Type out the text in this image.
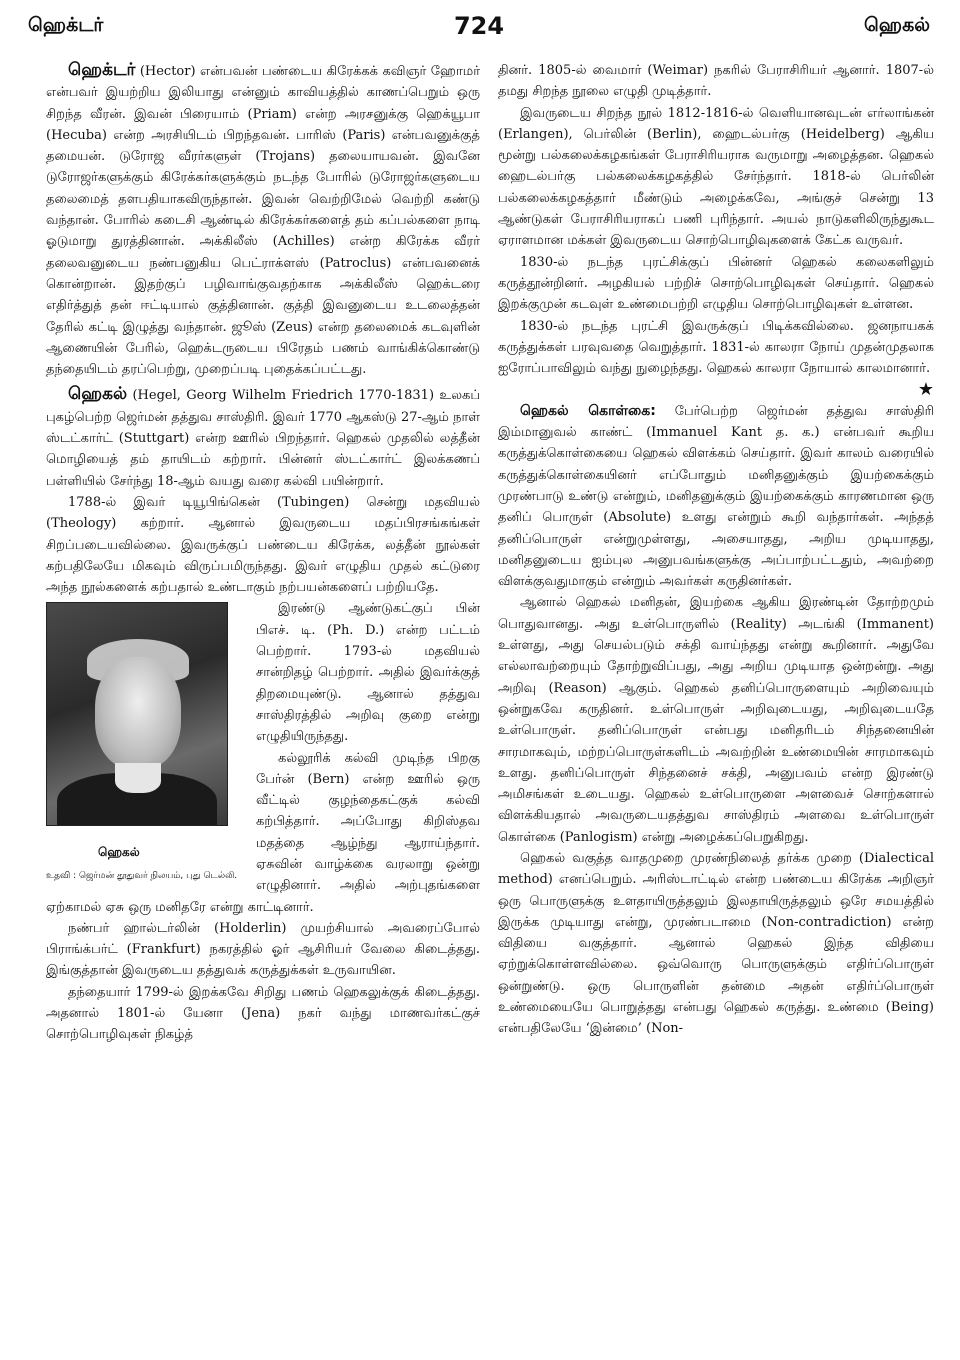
ஹெக்டர்	724	ஹெகல்

ஹெக்டர் (Hector) என்பவன் பண்டைய கிரேக்கக் கவிஞர் ஹோமர் என்பவர் இயற்றிய இலியாது என்னும் காவியத்தில் காணப்பெறும் ஒரு சிறந்த வீரன். இவன் பிரையாம் (Priam) என்ற அரசனுக்கு ஹெக்யூபா (Hecuba) என்ற அரசியிடம் பிறந்தவன். பாரிஸ் (Paris) என்பவனுக்குத் தமையன். டுரோஜ வீரர்களுள் (Trojans) தலையாயவன். இவனே டுரோஜர்களுக்கும் கிரேக்கர்களுக்கும் நடந்த போரில் டுரோஜர்களுடைய தலைமைத் தளபதியாகவிருந்தான். இவன் வெற்றிமேல் வெற்றி கண்டு வந்தான். போரில் கடைசி ஆண்டில் கிரேக்கர்களைத் தம் கப்பல்களை நாடி ஓடுமாறு துரத்தினான். அக்கிலீஸ் (Achilles) என்ற கிரேக்க வீரர் தலைவனுடைய நண்பனுகிய பெட்ராக்ளஸ் (Patroclus) என்பவனைக் கொன்றான். இதற்குப் பழிவாங்குவதற்காக அக்கிலீஸ் ஹெக்டரை எதிர்த்துத் தன் ஈட்டியால் குத்தினான். குத்தி இவனுடைய உடலைத்தன் தேரில் கட்டி இழுத்து வந்தான். ஜூஸ் (Zeus) என்ற தலைமைக் கடவுளின் ஆணையின் பேரில், ஹெக்டருடைய பிரேதம் பணம் வாங்கிக்கொண்டு தந்தையிடம் தரப்பெற்று, முறைப்படி புதைக்கப்பட்டது.

ஹெகல் (Hegel, Georg Wilhelm Friedrich 1770-1831) உலகப் புகழ்பெற்ற ஜெர்மன் தத்துவ சாஸ்திரி. இவர் 1770 ஆகஸ்டு 27-ஆம் நாள் ஸ்டட்கார்ட் (Stuttgart) என்ற ஊரில் பிறந்தார். ஹெகல் முதலில் லத்தீன் மொழியைத் தம் தாயிடம் கற்றார். பின்னர் ஸ்டட்கார்ட் இலக்கணப் பள்ளியில் சேர்ந்து 18-ஆம் வயது வரை கல்வி பயின்றார்.

1788-ல் இவர் டியூபிங்கென் (Tubingen) சென்று மதவியல் (Theology) கற்றார். ஆனால் இவருடைய மதப்பிரசங்கங்கள் சிறப்படையவில்லை. இவருக்குப் பண்டைய கிரேக்க, லத்தீன் நூல்கள் கற்பதிலேயே மிகவும் விருப்பமிருந்தது. இவர் எழுதிய முதல் கட்டுரை அந்த நூல்களைக் கற்பதால் உண்டாகும் நற்பயன்களைப் பற்றியதே.

ஹெகல்
உதவி : ஜெர்மன் தூதுவர் நிலயம், புது டெல்லி.

இரண்டு ஆண்டுகட்குப் பின் பிஎச். டி. (Ph. D.) என்ற பட்டம் பெற்றார். 1793-ல் மதவியல் சான்றிதழ் பெற்றார். அதில் இவர்க்குத் திறமையுண்டு. ஆனால் தத்துவ சாஸ்திரத்தில் அறிவு குறை என்று எழுதியிருந்தது.

கல்லூரிக் கல்வி முடிந்த பிறகு பேர்ன் (Bern) என்ற ஊரில் ஒரு வீட்டில் குழந்தைகட்குக் கல்வி கற்பித்தார். அப்போது கிறிஸ்தவ மதத்தை ஆழ்ந்து ஆராய்ந்தார். ஏசுவின் வாழ்க்கை வரலாறு ஒன்று எழுதினார். அதில் அற்புதங்களை ஏற்காமல் ஏசு ஒரு மனிதரே என்று காட்டினார்.

நண்பர் ஹால்டர்லின் (Holderlin) முயற்சியால் அவரைப்போல் பிராங்க்பர்ட் (Frankfurt) நகரத்தில் ஓர் ஆசிரியர் வேலை கிடைத்தது. இங்குத்தான் இவருடைய தத்துவக் கருத்துக்கள் உருவாயின.

தந்தையார் 1799-ல் இறக்கவே சிறிது பணம் ஹெகலுக்குக் கிடைத்தது. அதனால் 1801-ல் யேனா (Jena) நகர் வந்து மாணவர்கட்குச் சொற்பொழிவுகள் நிகழ்த்

தினர். 1805-ல் வைமார் (Weimar) நகரில் பேராசிரியர் ஆனார். 1807-ல் தமது சிறந்த நூலை எழுதி முடித்தார்.

இவருடைய சிறந்த நூல் 1812-1816-ல் வெளியானவுடன் எர்லாங்கன் (Erlangen), பெர்லின் (Berlin), ஹைடல்பர்கு (Heidelberg) ஆகிய மூன்று பல்கலைக்கழகங்கள் பேராசிரியராக வருமாறு அழைத்தன. ஹெகல் ஹைடல்பர்கு பல்கலைக்கழகத்தில் சேர்ந்தார். 1818-ல் பெர்லின் பல்கலைக்கழகத்தார் மீண்டும் அழைக்கவே, அங்குச் சென்று 13 ஆண்டுகள் பேராசிரியராகப் பணி புரிந்தார். அயல் நாடுகளிலிருந்துகூட ஏராளமான மக்கள் இவருடைய சொற்பொழிவுகளைக் கேட்க வருவர்.

1830-ல் நடந்த புரட்சிக்குப் பின்னர் ஹெகல் கலைகளிலும் கருத்தூன்றினர். அழகியல் பற்றிச் சொற்பொழிவுகள் செய்தார். ஹெகல் இறக்குமுன் கடவுள் உண்மைபற்றி எழுதிய சொற்பொழிவுகள் உள்ளன.

1830-ல் நடந்த புரட்சி இவருக்குப் பிடிக்கவில்லை. ஜனநாயகக் கருத்துக்கள் பரவுவதை வெறுத்தார். 1831-ல் காலரா நோய் முதன்முதலாக ஐரோப்பாவிலும் வந்து நுழைந்தது. ஹெகல் காலரா நோயால் காலமானார்.
★

ஹெகல் கொள்கை: பேர்பெற்ற ஜெர்மன் தத்துவ சாஸ்திரி இம்மானுவல் காண்ட் (Immanuel Kant த. க.) என்பவர் கூறிய கருத்துக்கொள்கையை ஹெகல் விளக்கம் செய்தார். இவர் காலம் வரையில் கருத்துக்கொள்கையினர் எப்போதும் மனிதனுக்கும் இயற்கைக்கும் முரண்பாடு உண்டு என்றும், மனிதனுக்கும் இயற்கைக்கும் காரணமான ஒரு தனிப் பொருள் (Absolute) உளது என்றும் கூறி வந்தார்கள். அந்தத் தனிப்பொருள் என்றுமுள்ளது, அசையாதது, அறிய முடியாதது, மனிதனுடைய ஐம்புல அனுபவங்களுக்கு அப்பாற்பட்டதும், அவற்றை விளக்குவதுமாகும் என்றும் அவர்கள் கருதினர்கள்.

ஆனால் ஹெகல் மனிதன், இயற்கை ஆகிய இரண்டின் தோற்றமும் பொதுவானது. அது உள்பொருளில் (Reality) அடங்கி (Immanent) உள்ளது, அது செயல்படும் சக்தி வாய்ந்தது என்று கூறினார். அதுவே எல்லாவற்றையும் தோற்றுவிப்பது, அது அறிய முடியாத ஒன்றன்று. அது அறிவு (Reason) ஆகும். ஹெகல் தனிப்பொருளையும் அறிவையும் ஒன்றுகவே கருதினர். உள்பொருள் அறிவுடையது, அறிவுடையதே உள்பொருள். தனிப்பொருள் என்பது மனிதரிடம் சிந்தனையின் சாரமாகவும், மற்றப்பொருள்களிடம் அவற்றின் உண்மையின் சாரமாகவும் உளது. தனிப்பொருள் சிந்தனைச் சக்தி, அனுபவம் என்ற இரண்டு அமிசங்கள் உடையது. ஹெகல் உள்பொருளை அளவைச் சொற்களால் விளக்கியதால் அவருடையதத்துவ சாஸ்திரம் அளவை உள்பொருள் கொள்கை (Panlogism) என்று அழைக்கப்பெறுகிறது.

ஹெகல் வகுத்த வாதமுறை முரண்நிலைத் தர்க்க முறை (Dialectical method) எனப்பெறும். அரிஸ்டாட்டில் என்ற பண்டைய கிரேக்க அறிஞர் ஒரு பொருளுக்கு உளதாயிருத்தலும் இலதாயிருத்தலும் ஒரே சமயத்தில் இருக்க முடியாது என்று, முரண்படாமை (Non-contradiction) என்ற விதியை வகுத்தார். ஆனால் ஹெகல் இந்த விதியை ஏற்றுக்கொள்ளவில்லை. ஒவ்வொரு பொருளுக்கும் எதிர்ப்பொருள் ஒன்றுண்டு. ஒரு பொருளின் தன்மை அதன் எதிர்ப்பொருள் உண்மையையே பொறுத்தது என்பது ஹெகல் கருத்து. உண்மை (Being) என்பதிலேயே ‘இன்மை’ (Non-
